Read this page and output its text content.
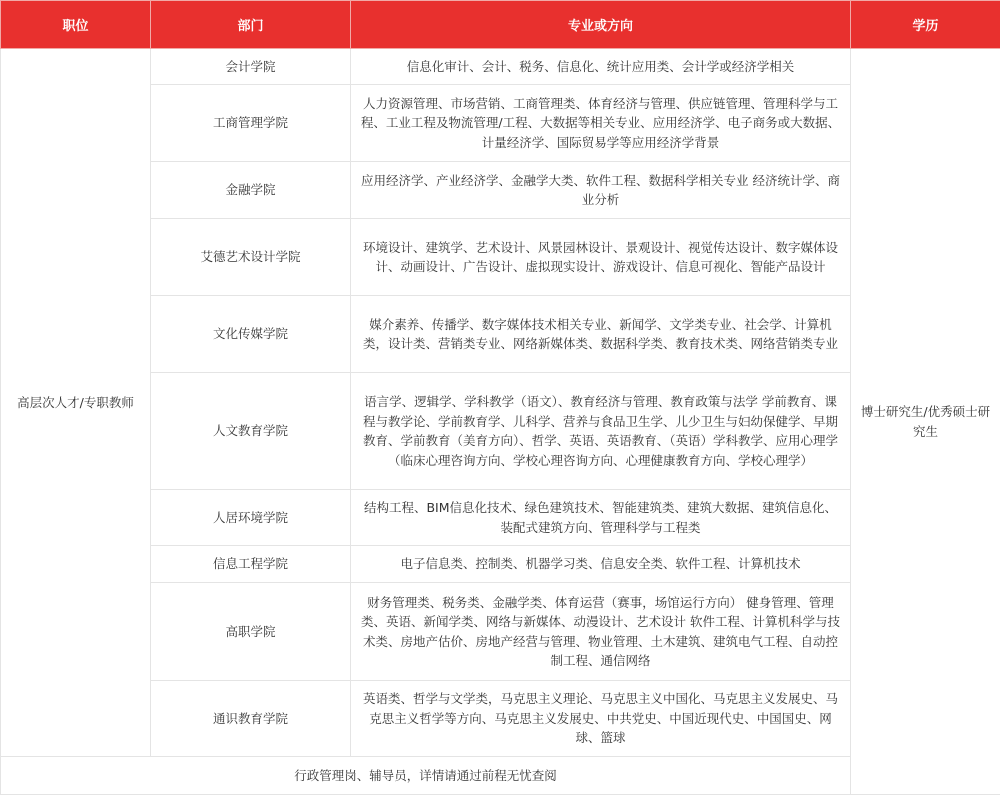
职位	部门	专业或方向	学历
高层次人才/专职教师	会计学院	信息化审计、会计、税务、信息化、统计应用类、会计学或经济学相关	博士研究生/优秀硕士研究生
	工商管理学院	人力资源管理、市场营销、工商管理类、体育经济与管理、供应链管理、管理科学与工程、工业工程及物流管理/工程、大数据等相关专业、应用经济学、电子商务或大数据、计量经济学、国际贸易学等应用经济学背景	
	金融学院	应用经济学、产业经济学、金融学大类、软件工程、数据科学相关专业 经济统计学、商业分析	
	艾德艺术设计学院	环境设计、建筑学、艺术设计、风景园林设计、景观设计、视觉传达设计、数字媒体设计、动画设计、广告设计、虚拟现实设计、游戏设计、信息可视化、智能产品设计	
	文化传媒学院	媒介素养、传播学、数字媒体技术相关专业、新闻学、文学类专业、社会学、计算机类，设计类、营销类专业、网络新媒体类、数据科学类、教育技术类、网络营销类专业	
	人文教育学院	语言学、逻辑学、学科教学（语文）、教育经济与管理、教育政策与法学 学前教育、课程与教学论、学前教育学、儿科学、营养与食品卫生学、儿少卫生与妇幼保健学、早期教育、学前教育（美育方向）、哲学、英语、英语教育、（英语）学科教学、应用心理学（临床心理咨询方向、学校心理咨询方向、心理健康教育方向、学校心理学）	
	人居环境学院	结构工程、BIM信息化技术、绿色建筑技术、智能建筑类、建筑大数据、建筑信息化、装配式建筑方向、管理科学与工程类	
	信息工程学院	电子信息类、控制类、机器学习类、信息安全类、软件工程、计算机技术	
	高职学院	财务管理类、税务类、金融学类、体育运营（赛事，场馆运行方向） 健身管理、管理类、英语、新闻学类、网络与新媒体、动漫设计、艺术设计 软件工程、计算机科学与技术类、房地产估价、房地产经营与管理、物业管理、土木建筑、建筑电气工程、自动控制工程、通信网络	
	通识教育学院	英语类、哲学与文学类，马克思主义理论、马克思主义中国化、马克思主义发展史、马克思主义哲学等方向、马克思主义发展史、中共党史、中国近现代史、中国国史、网球、篮球	
行政管理岗、辅导员，详情请通过前程无忧查阅			
